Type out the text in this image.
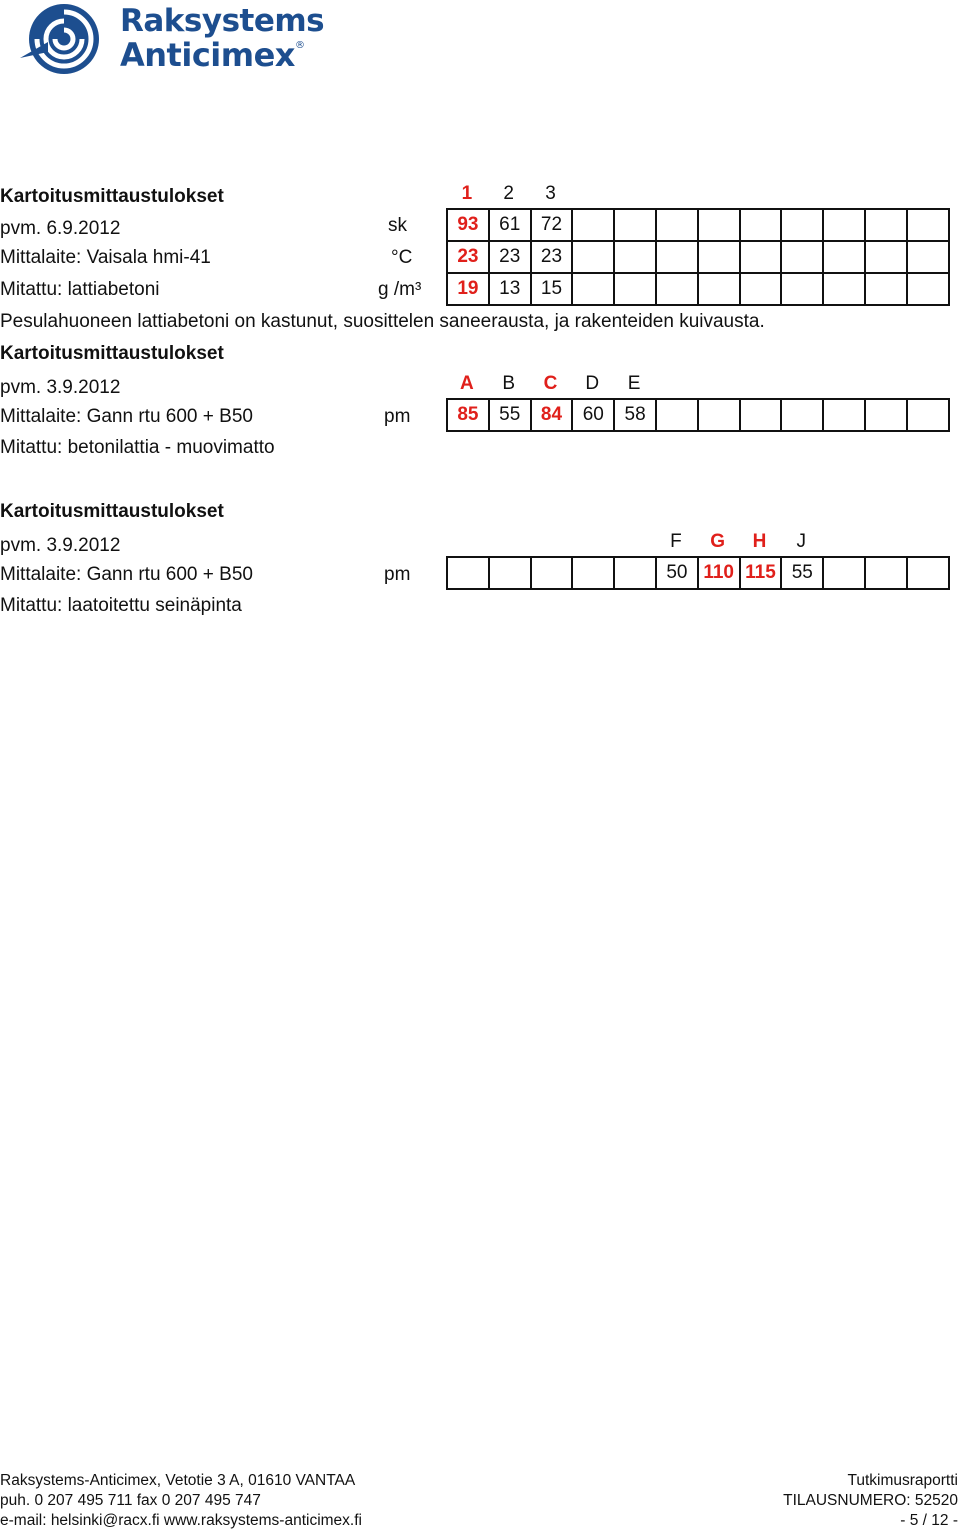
Raksystems
Anticimex®
Kartoitusmittaustulokset	1	2	3
pvm. 6.9.2012	sk
Mittalaite: Vaisala hmi-41	°C
Mitattu: lattiabetoni	g /m³
93	61	72
23	23	23
19	13	15
Pesulahuoneen lattiabetoni on kastunut, suosittelen saneerausta, ja rakenteiden kuivausta.
Kartoitusmittaustulokset
pvm. 3.9.2012	A	B	C	D	E
Mittalaite: Gann rtu 600 + B50	pm	85	55	84	60	58
Mitattu: betonilattia - muovimatto
Kartoitusmittaustulokset
pvm. 3.9.2012	F	G	H	J
Mittalaite: Gann rtu 600 + B50	pm	50 110 115 55
Mitattu: laatoitettu seinäpinta
Raksystems-Anticimex, Vetotie 3 A, 01610 VANTAA
puh. 0 207 495 711 fax 0 207 495 747
e-mail: helsinki@racx.fi www.raksystems-anticimex.fi
Tutkimusraportti
TILAUSNUMERO: 52520
- 5 / 12 -
